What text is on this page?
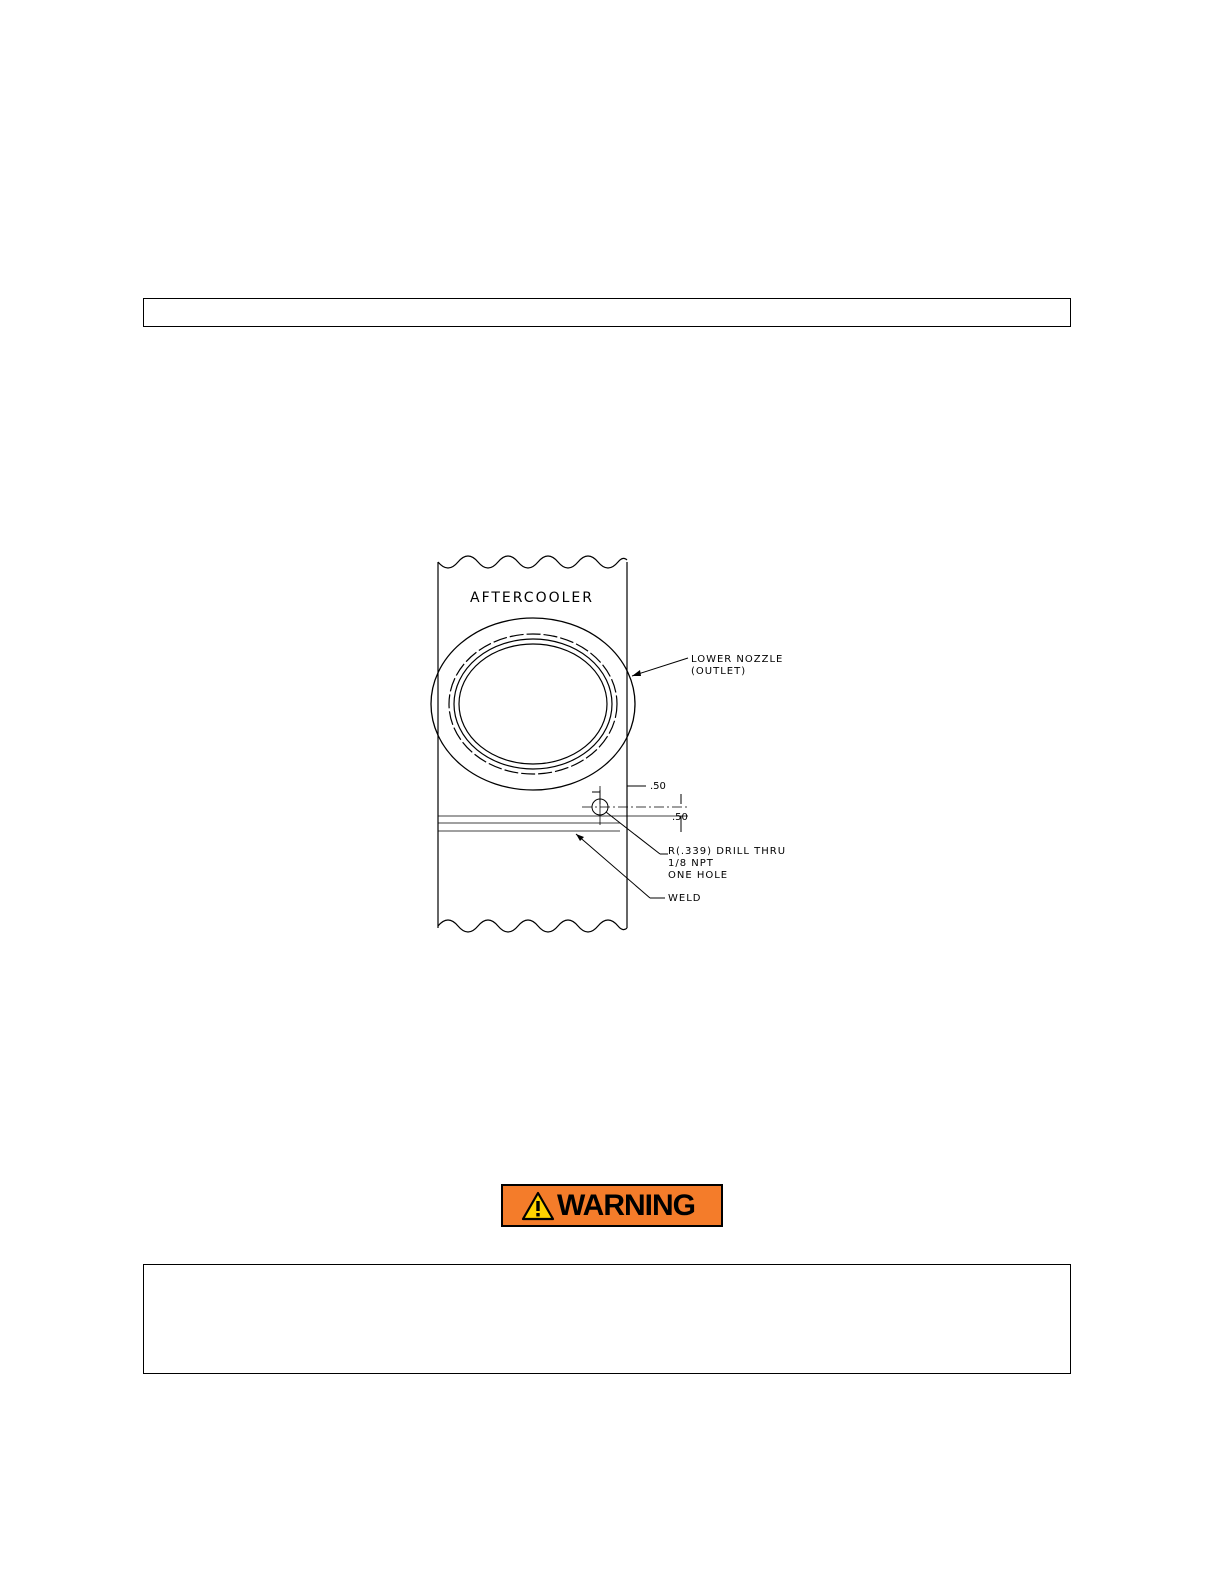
AFTERCOOLER
LOWER NOZZLE
(OUTLET)
.50
.50
R(.339) DRILL THRU
1/8 NPT
ONE HOLE
WELD
WARNING
